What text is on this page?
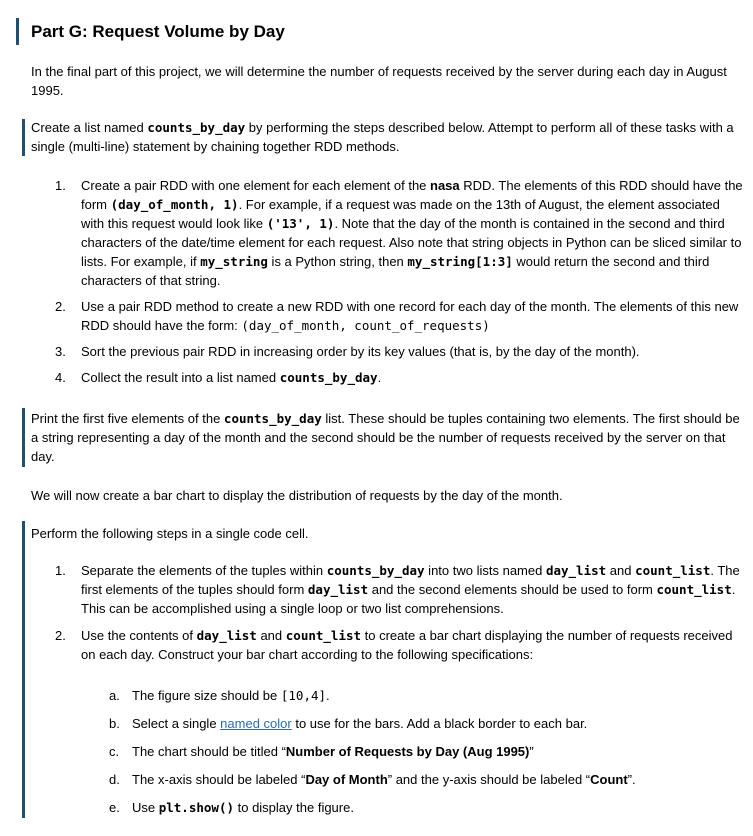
Part G: Request Volume by Day
In the final part of this project, we will determine the number of requests received by the server during each day in August 1995.
Create a list named counts_by_day by performing the steps described below. Attempt to perform all of these tasks with a single (multi-line) statement by chaining together RDD methods.
1. Create a pair RDD with one element for each element of the nasa RDD. The elements of this RDD should have the form (day_of_month, 1). For example, if a request was made on the 13th of August, the element associated with this request would look like ('13', 1). Note that the day of the month is contained in the second and third characters of the date/time element for each request. Also note that string objects in Python can be sliced similar to lists. For example, if my_string is a Python string, then my_string[1:3] would return the second and third characters of that string.
2. Use a pair RDD method to create a new RDD with one record for each day of the month. The elements of this new RDD should have the form: (day_of_month, count_of_requests)
3. Sort the previous pair RDD in increasing order by its key values (that is, by the day of the month).
4. Collect the result into a list named counts_by_day.
Print the first five elements of the counts_by_day list. These should be tuples containing two elements. The first should be a string representing a day of the month and the second should be the number of requests received by the server on that day.
We will now create a bar chart to display the distribution of requests by the day of the month.
Perform the following steps in a single code cell.
1. Separate the elements of the tuples within counts_by_day into two lists named day_list and count_list. The first elements of the tuples should form day_list and the second elements should be used to form count_list. This can be accomplished using a single loop or two list comprehensions.
2. Use the contents of day_list and count_list to create a bar chart displaying the number of requests received on each day. Construct your bar chart according to the following specifications:
a. The figure size should be [10,4].
b. Select a single named color to use for the bars. Add a black border to each bar.
c. The chart should be titled “Number of Requests by Day (Aug 1995)”
d. The x-axis should be labeled “Day of Month” and the y-axis should be labeled “Count”.
e. Use plt.show() to display the figure.
